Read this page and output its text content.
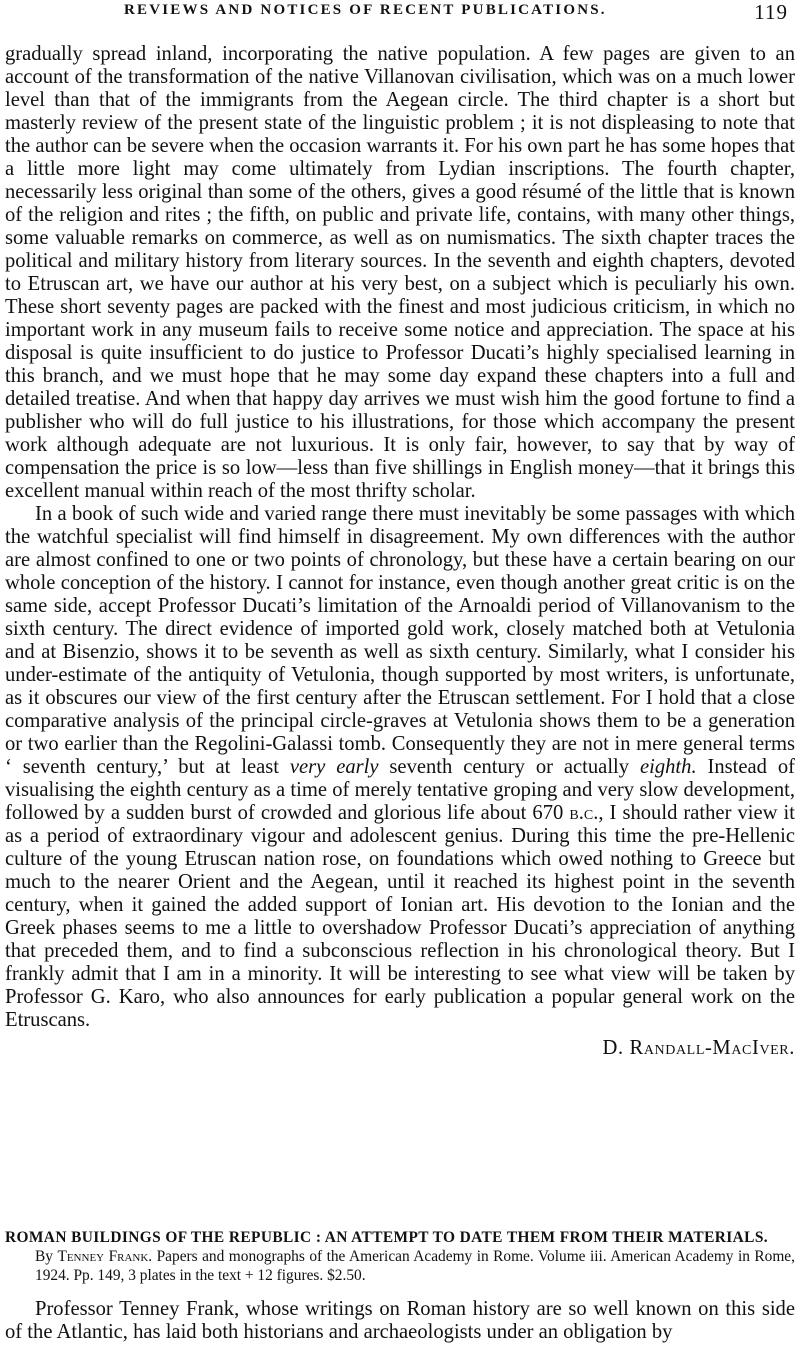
REVIEWS AND NOTICES OF RECENT PUBLICATIONS.	119

gradually spread inland, incorporating the native population. A few pages are given to an account of the transformation of the native Villanovan civilisation, which was on a much lower level than that of the immigrants from the Aegean circle. The third chapter is a short but masterly review of the present state of the linguistic problem ; it is not displeasing to note that the author can be severe when the occasion warrants it. For his own part he has some hopes that a little more light may come ultimately from Lydian inscriptions. The fourth chapter, necessarily less original than some of the others, gives a good résumé of the little that is known of the religion and rites ; the fifth, on public and private life, contains, with many other things, some valuable remarks on commerce, as well as on numismatics. The sixth chapter traces the political and military history from literary sources. In the seventh and eighth chapters, devoted to Etruscan art, we have our author at his very best, on a subject which is peculiarly his own. These short seventy pages are packed with the finest and most judicious criticism, in which no important work in any museum fails to receive some notice and appreciation. The space at his disposal is quite insufficient to do justice to Professor Ducati’s highly specialised learning in this branch, and we must hope that he may some day expand these chapters into a full and detailed treatise. And when that happy day arrives we must wish him the good fortune to find a publisher who will do full justice to his illustrations, for those which accompany the present work although adequate are not luxurious. It is only fair, however, to say that by way of compensation the price is so low—less than five shillings in English money—that it brings this excellent manual within reach of the most thrifty scholar.

In a book of such wide and varied range there must inevitably be some passages with which the watchful specialist will find himself in disagreement. My own differences with the author are almost confined to one or two points of chronology, but these have a certain bearing on our whole conception of the history. I cannot for instance, even though another great critic is on the same side, accept Professor Ducati’s limitation of the Arnoaldi period of Villanovanism to the sixth century. The direct evidence of imported gold work, closely matched both at Vetulonia and at Bisenzio, shows it to be seventh as well as sixth century. Similarly, what I consider his under-estimate of the antiquity of Vetulonia, though supported by most writers, is unfortunate, as it obscures our view of the first century after the Etruscan settlement. For I hold that a close comparative analysis of the principal circle-graves at Vetulonia shows them to be a generation or two earlier than the Regolini-Galassi tomb. Consequently they are not in mere general terms ‘ seventh century,’ but at least very early seventh century or actually eighth. Instead of visualising the eighth century as a time of merely tentative groping and very slow development, followed by a sudden burst of crowded and glorious life about 670 b.c., I should rather view it as a period of extraordinary vigour and adolescent genius. During this time the pre-Hellenic culture of the young Etruscan nation rose, on foundations which owed nothing to Greece but much to the nearer Orient and the Aegean, until it reached its highest point in the seventh century, when it gained the added support of Ionian art. His devotion to the Ionian and the Greek phases seems to me a little to overshadow Professor Ducati’s appreciation of anything that preceded them, and to find a subconscious reflection in his chronological theory. But I frankly admit that I am in a minority. It will be interesting to see what view will be taken by Professor G. Karo, who also announces for early publication a popular general work on the Etruscans.

D. Randall-MacIver.
ROMAN BUILDINGS OF THE REPUBLIC : AN ATTEMPT TO DATE THEM FROM THEIR MATERIALS.
By Tenney Frank. Papers and monographs of the American Academy in Rome. Volume iii. American Academy in Rome, 1924. Pp. 149, 3 plates in the text + 12 figures. $2.50.

Professor Tenney Frank, whose writings on Roman history are so well known on this side of the Atlantic, has laid both historians and archaeologists under an obligation by
